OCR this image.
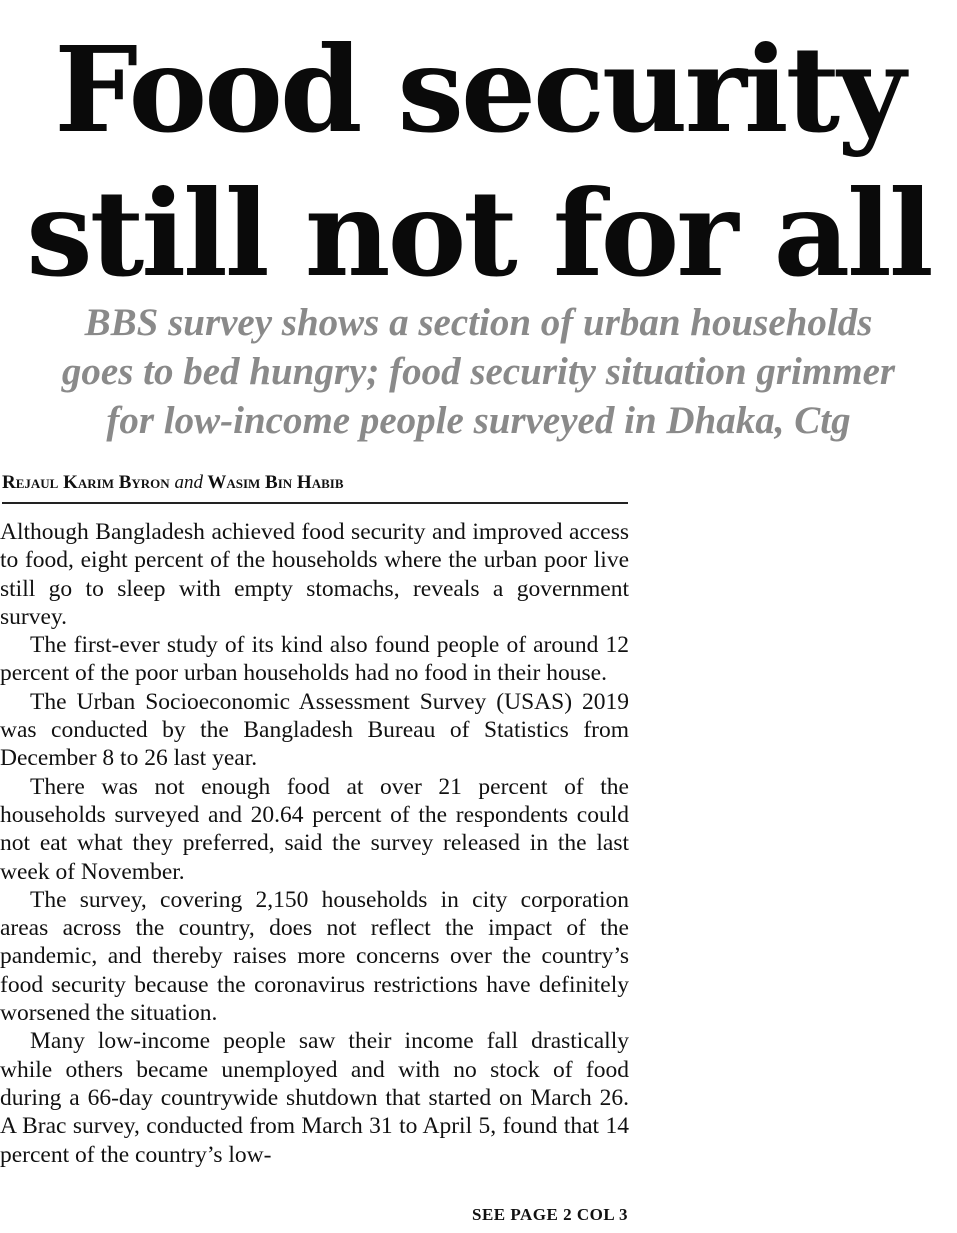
Food security
still not for all
BBS survey shows a section of urban households
goes to bed hungry; food security situation grimmer
for low-income people surveyed in Dhaka, Ctg
Rejaul Karim Byron and Wasim Bin Habib

Although Bangladesh achieved food security and improved access to food, eight percent of the households where the urban poor live still go to sleep with empty stomachs, reveals a government survey.

The first-ever study of its kind also found people of around 12 percent of the poor urban households had no food in their house.

The Urban Socioeconomic Assessment Survey (USAS) 2019 was conducted by the Bangladesh Bureau of Statistics from December 8 to 26 last year.

There was not enough food at over 21 percent of the households surveyed and 20.64 percent of the respondents could not eat what they preferred, said the survey released in the last week of November.

The survey, covering 2,150 households in city corporation areas across the country, does not reflect the impact of the pandemic, and thereby raises more concerns over the country’s food security because the coronavirus restrictions have definitely worsened the situation.

Many low-income people saw their income fall drastically while others became unemployed and with no stock of food during a 66-day countrywide shutdown that started on March 26. A Brac survey, conducted from March 31 to April 5, found that 14 percent of the country’s low-

SEE PAGE 2 COL 3
